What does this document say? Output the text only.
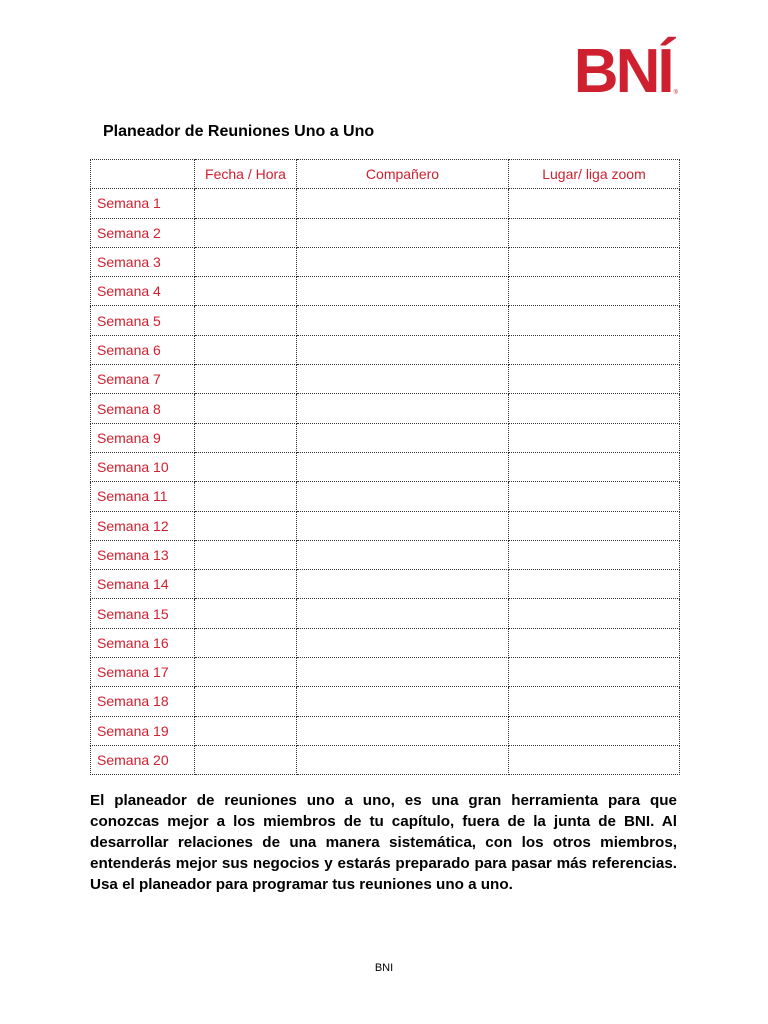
BNÍ ®
Planeador de Reuniones Uno a Uno
	Fecha / Hora	Compañero	Lugar/ liga zoom
Semana 1			
Semana 2			
Semana 3			
Semana 4			
Semana 5			
Semana 6			
Semana 7			
Semana 8			
Semana 9			
Semana 10			
Semana 11			
Semana 12			
Semana 13			
Semana 14			
Semana 15			
Semana 16			
Semana 17			
Semana 18			
Semana 19			
Semana 20			

El planeador de reuniones uno a uno, es una gran herramienta para que conozcas mejor a los miembros de tu capítulo, fuera de la junta de BNI. Al desarrollar relaciones de una manera sistemática, con los otros miembros, entenderás mejor sus negocios y estarás preparado para pasar más referencias. Usa el planeador para programar tus reuniones uno a uno.

BNI
